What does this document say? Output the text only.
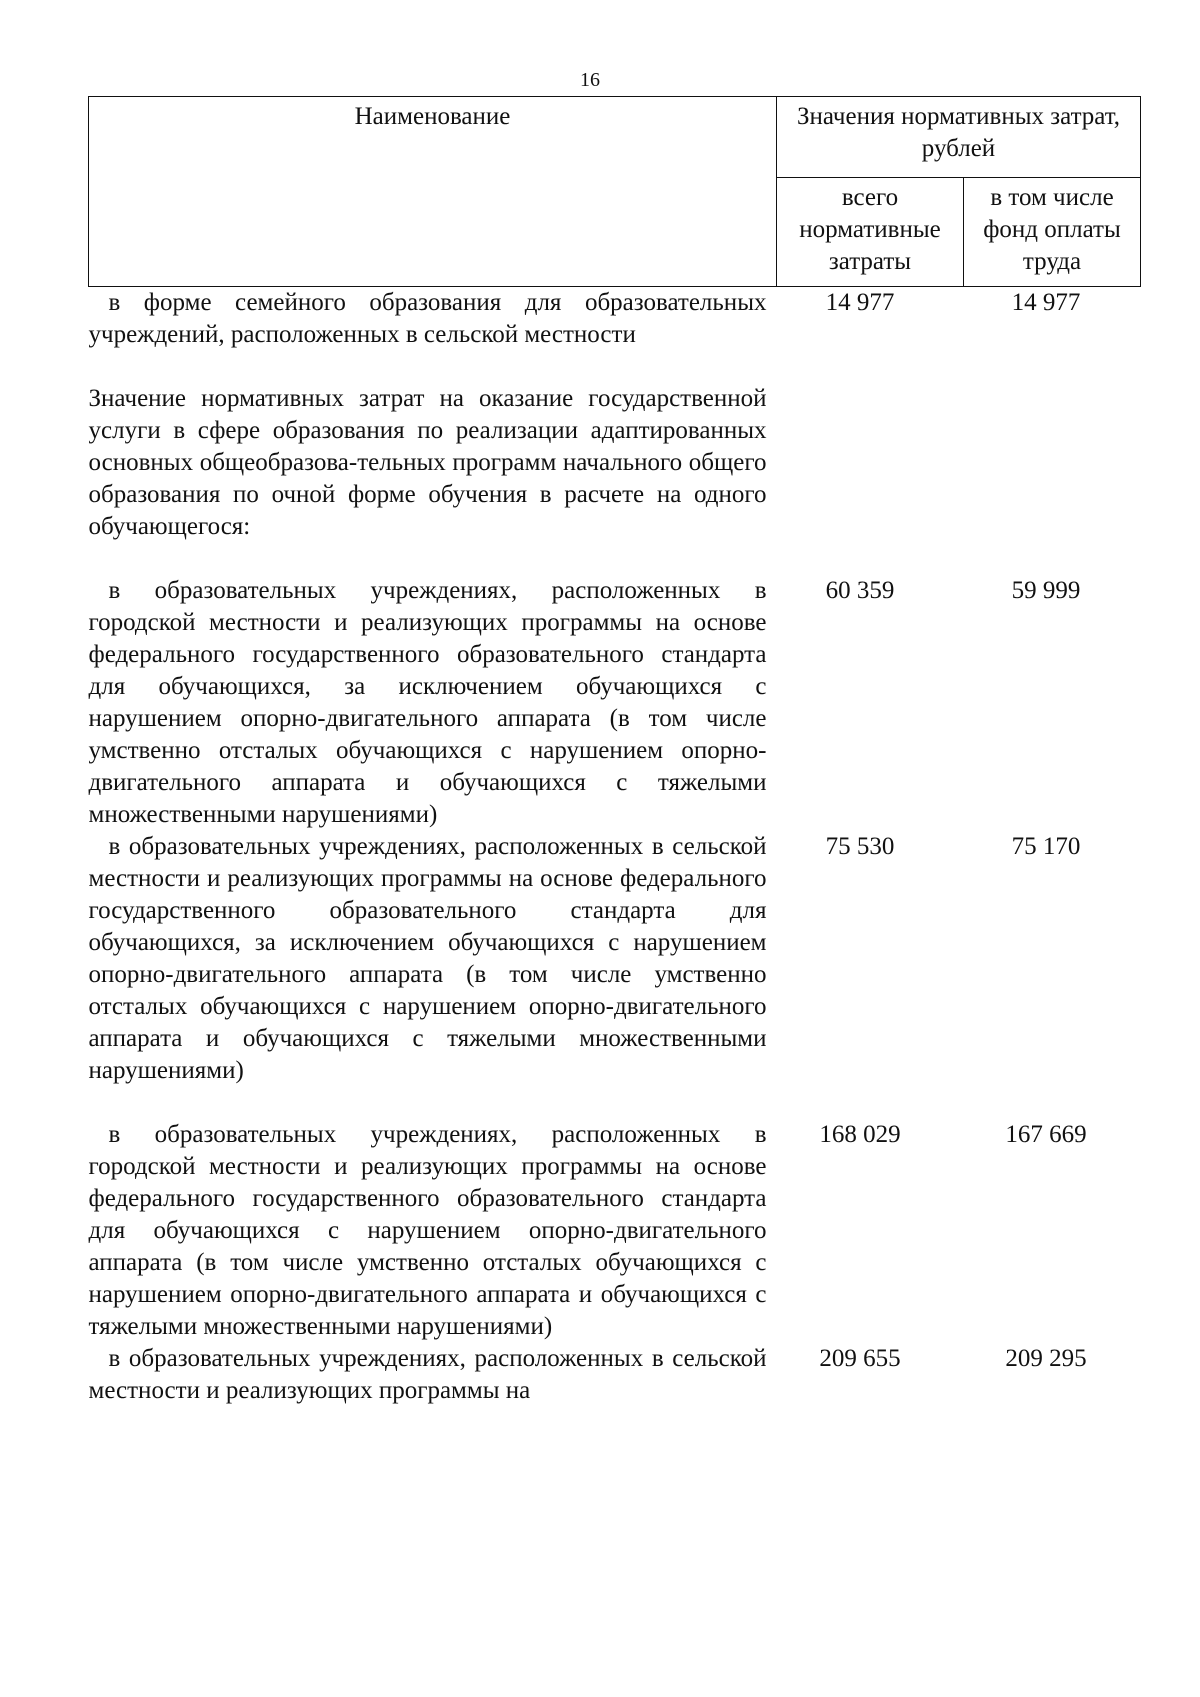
16
Наименование	Значения нормативных затрат, рублей	
	всего нормативные затраты	в том числе фонд оплаты труда

в форме семейного образования для образовательных учреждений, расположенных в сельской местности	14 977	14 977

Значение нормативных затрат на оказание государственной услуги в сфере образования по реализации адаптированных основных общеобразова-тельных программ начального общего образования по очной форме обучения в расчете на одного обучающегося:		

в образовательных учреждениях, расположенных в городской местности и реализующих программы на основе федерального государственного образовательного стандарта для обучающихся, за исключением обучающихся с нарушением опорно-двигательного аппарата (в том числе умственно отсталых обучающихся с нарушением опорно-двигательного аппарата и обучающихся с тяжелыми множественными нарушениями)	60 359	59 999

в образовательных учреждениях, расположенных в сельской местности и реализующих программы на основе федерального государственного образовательного стандарта для обучающихся, за исключением обучающихся с нарушением опорно-двигательного аппарата (в том числе умственно отсталых обучающихся с нарушением опорно-двигательного аппарата и обучающихся с тяжелыми множественными нарушениями)	75 530	75 170

в образовательных учреждениях, расположенных в городской местности и реализующих программы на основе федерального государственного образовательного стандарта для обучающихся с нарушением опорно-двигательного аппарата (в том числе умственно отсталых обучающихся с нарушением опорно-двигательного аппарата и обучающихся с тяжелыми множественными нарушениями)	168 029	167 669

в образовательных учреждениях, расположенных в сельской местности и реализующих программы на	209 655	209 295
